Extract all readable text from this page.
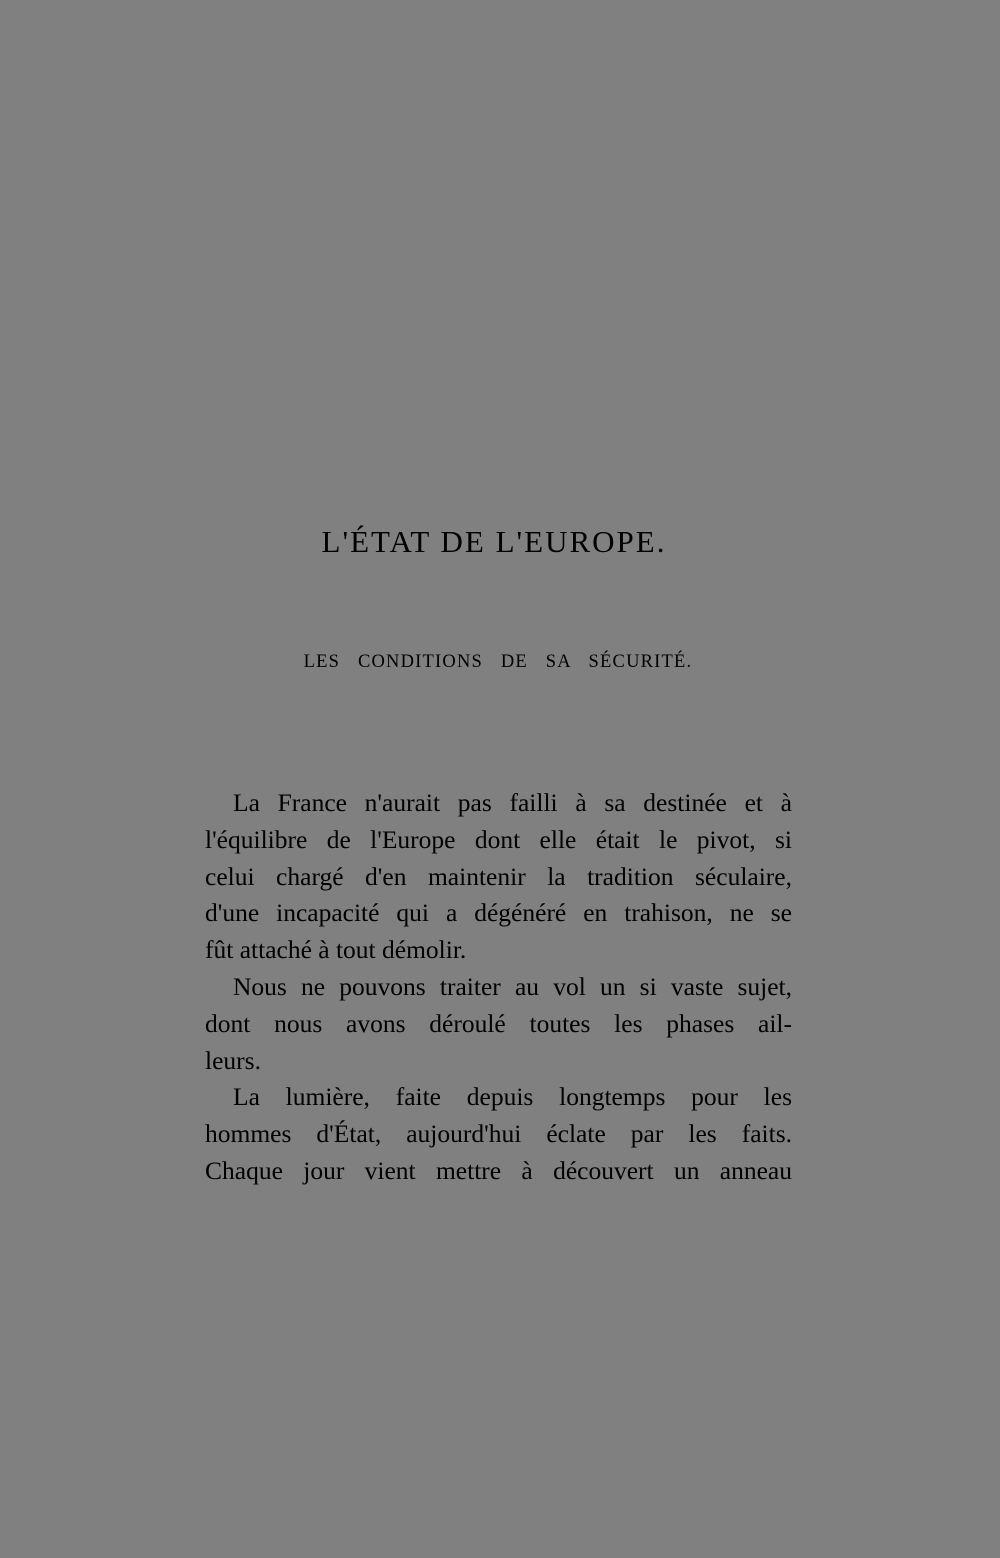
L'ÉTAT DE L'EUROPE.
LES CONDITIONS DE SA SÉCURITÉ.

La France n'aurait pas failli à sa destinée et à
l'équilibre de l'Europe dont elle était le pivot, si
celui chargé d'en maintenir la tradition séculaire,
d'une incapacité qui a dégénéré en trahison, ne se
fût attaché à tout démolir.

Nous ne pouvons traiter au vol un si vaste sujet,
dont nous avons déroulé toutes les phases ail-
leurs.

La lumière, faite depuis longtemps pour les
hommes d'État, aujourd'hui éclate par les faits.
Chaque jour vient mettre à découvert un anneau
